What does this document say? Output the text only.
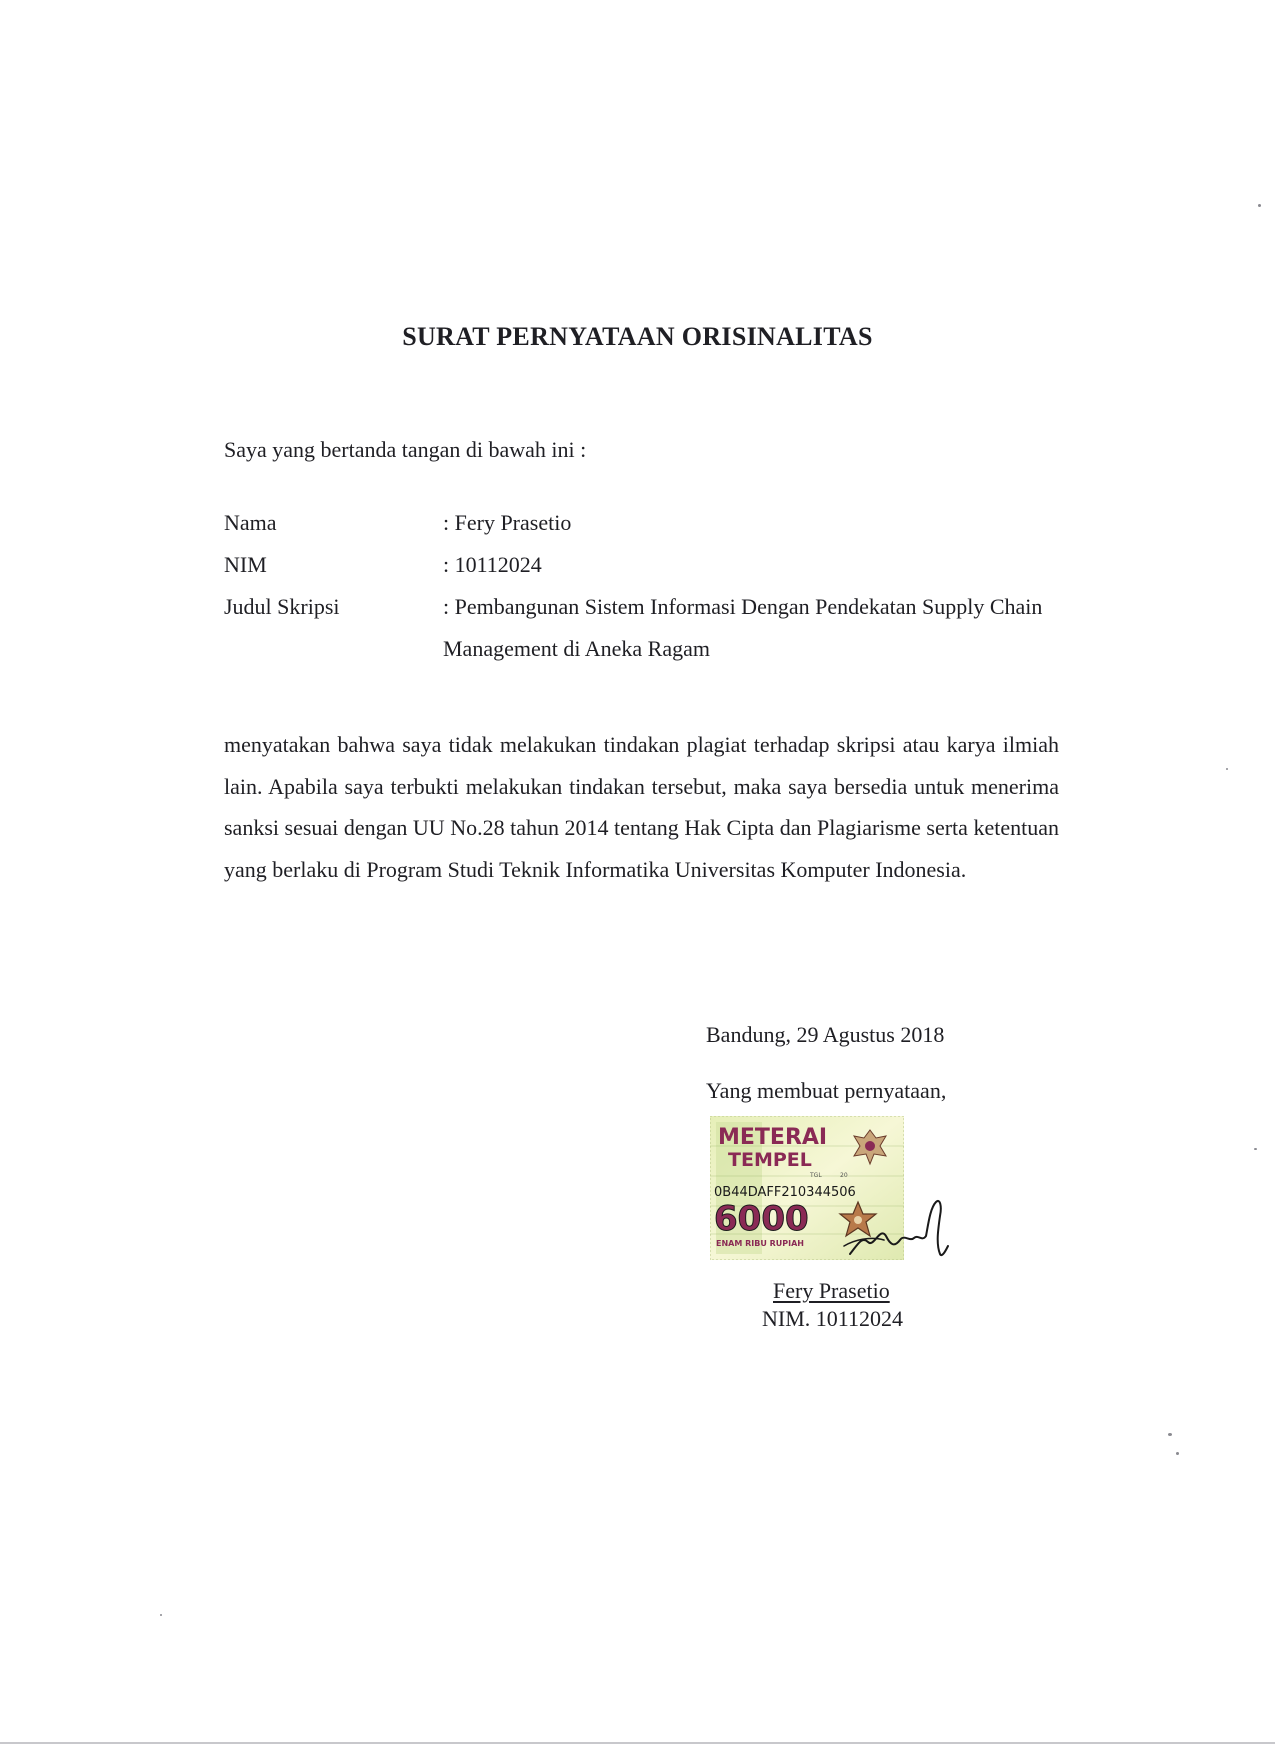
SURAT PERNYATAAN ORISINALITAS
Saya yang bertanda tangan di bawah ini :
Nama	: Fery Prasetio
NIM	: 10112024
Judul Skripsi	: Pembangunan Sistem Informasi Dengan Pendekatan Supply Chain Management di Aneka Ragam
menyatakan bahwa saya tidak melakukan tindakan plagiat terhadap skripsi atau karya ilmiah lain. Apabila saya terbukti melakukan tindakan tersebut, maka saya bersedia untuk menerima sanksi sesuai dengan UU No.28 tahun 2014 tentang Hak Cipta dan Plagiarisme serta ketentuan yang berlaku di Program Studi Teknik Informatika Universitas Komputer Indonesia.
Bandung, 29 Agustus 2018
Yang membuat pernyataan,
METERAI
TEMPEL
TGL	20
0B44DAFF210344506
6000
ENAM RIBU RUPIAH
Fery Prasetio
NIM. 10112024
